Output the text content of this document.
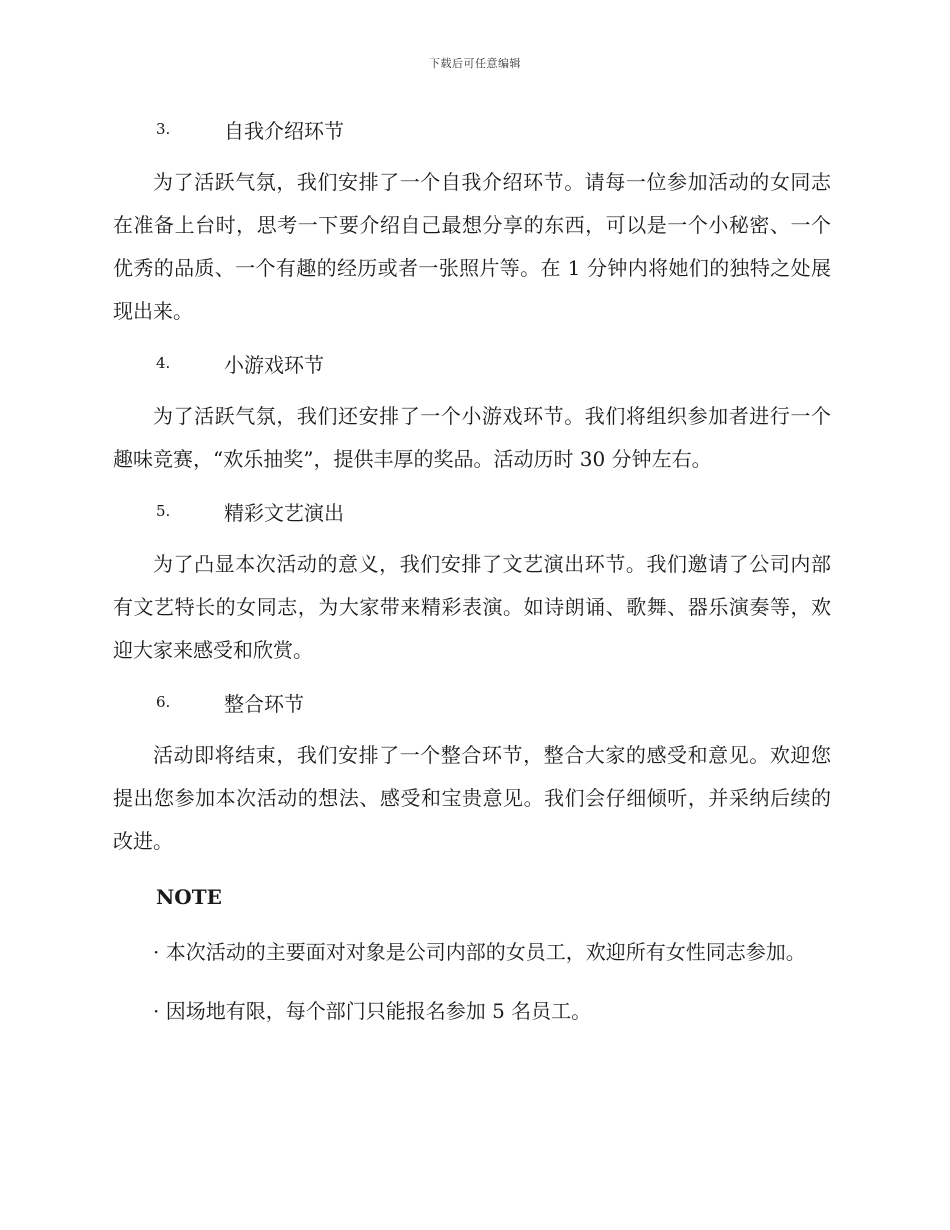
下载后可任意编辑
3.	自我介绍环节

为了活跃气氛，我们安排了一个自我介绍环节。请每一位参加活动的女同志在准备上台时，思考一下要介绍自己最想分享的东西，可以是一个小秘密、一个优秀的品质、一个有趣的经历或者一张照片等。在 1 分钟内将她们的独特之处展现出来。

4.	小游戏环节

为了活跃气氛，我们还安排了一个小游戏环节。我们将组织参加者进行一个趣味竞赛，“欢乐抽奖”，提供丰厚的奖品。活动历时 30 分钟左右。

5.	精彩文艺演出

为了凸显本次活动的意义，我们安排了文艺演出环节。我们邀请了公司内部有文艺特长的女同志，为大家带来精彩表演。如诗朗诵、歌舞、器乐演奏等，欢迎大家来感受和欣赏。

6.	整合环节

活动即将结束，我们安排了一个整合环节，整合大家的感受和意见。欢迎您提出您参加本次活动的想法、感受和宝贵意见。我们会仔细倾听，并采纳后续的改进。

NOTE

· 本次活动的主要面对对象是公司内部的女员工，欢迎所有女性同志参加。

· 因场地有限，每个部门只能报名参加 5 名员工。
